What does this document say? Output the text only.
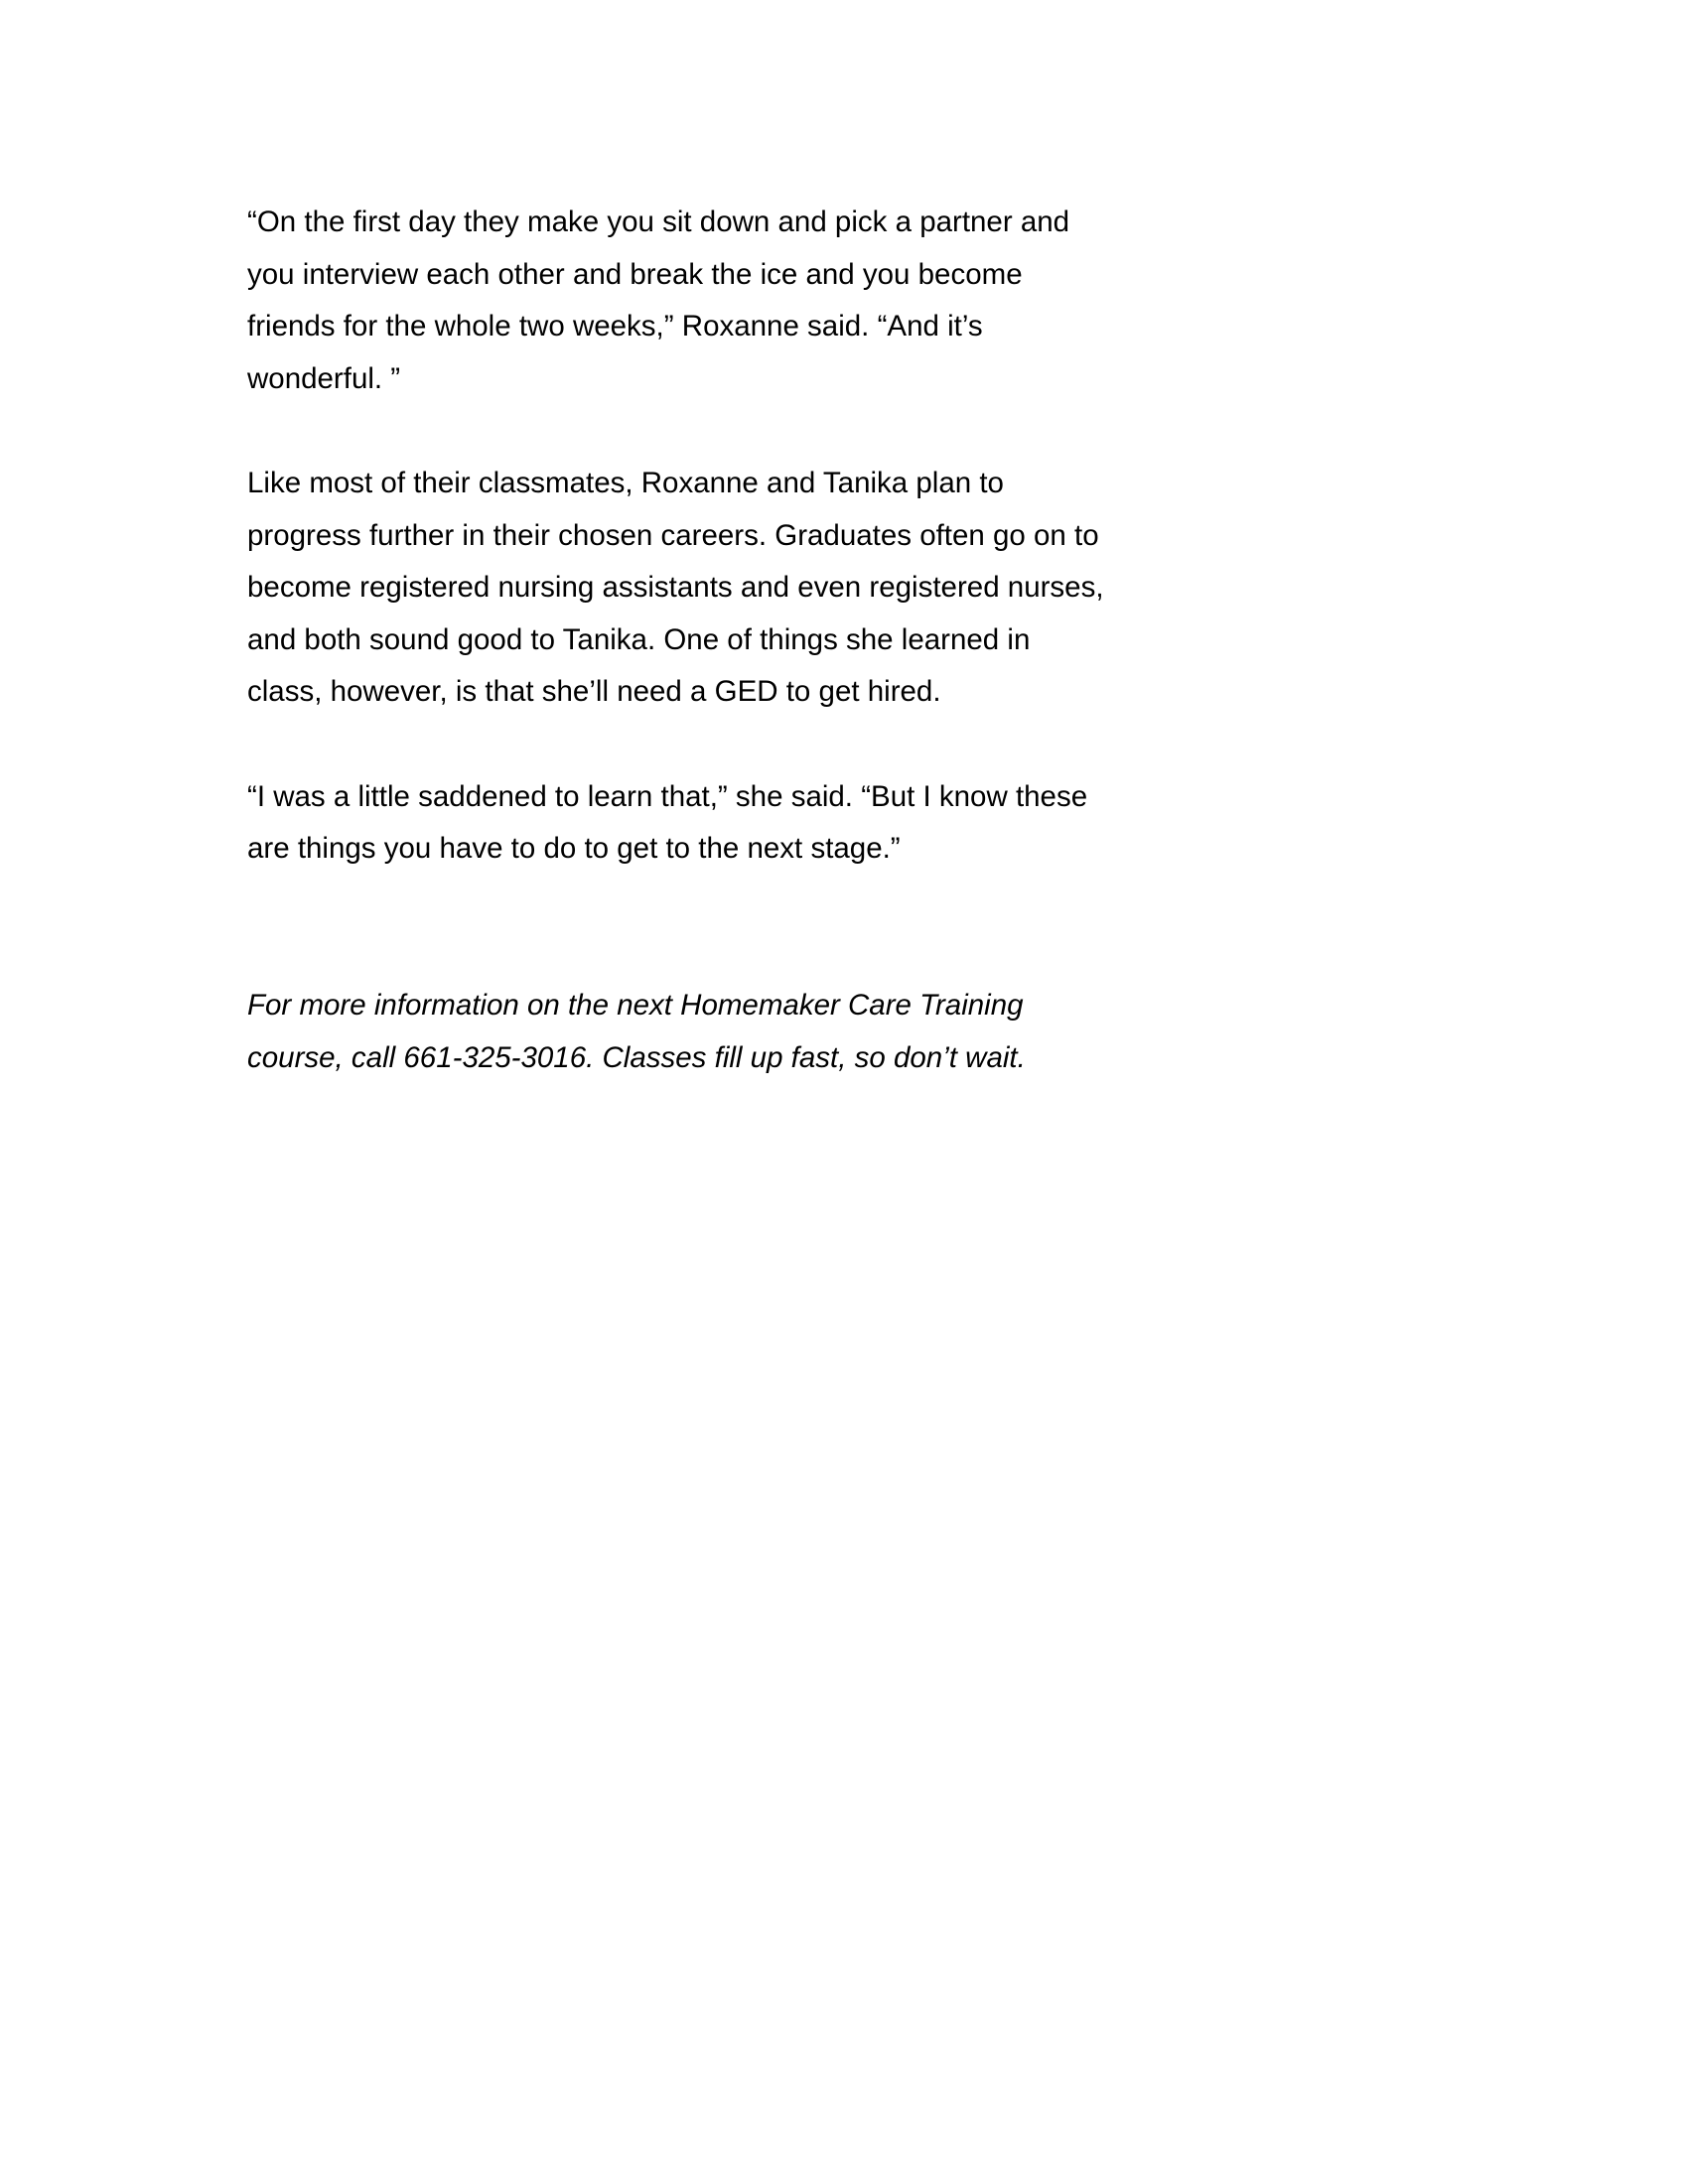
“On the first day they make you sit down and pick a partner and
you interview each other and break the ice and you become
friends for the whole two weeks,” Roxanne said. “And it’s
wonderful. ”

Like most of their classmates, Roxanne and Tanika plan to
progress further in their chosen careers. Graduates often go on to
become registered nursing assistants and even registered nurses,
and both sound good to Tanika. One of things she learned in
class, however, is that she’ll need a GED to get hired.

“I was a little saddened to learn that,” she said. “But I know these
are things you have to do to get to the next stage.”

For more information on the next Homemaker Care Training
course, call 661-325-3016. Classes fill up fast, so don’t wait.
